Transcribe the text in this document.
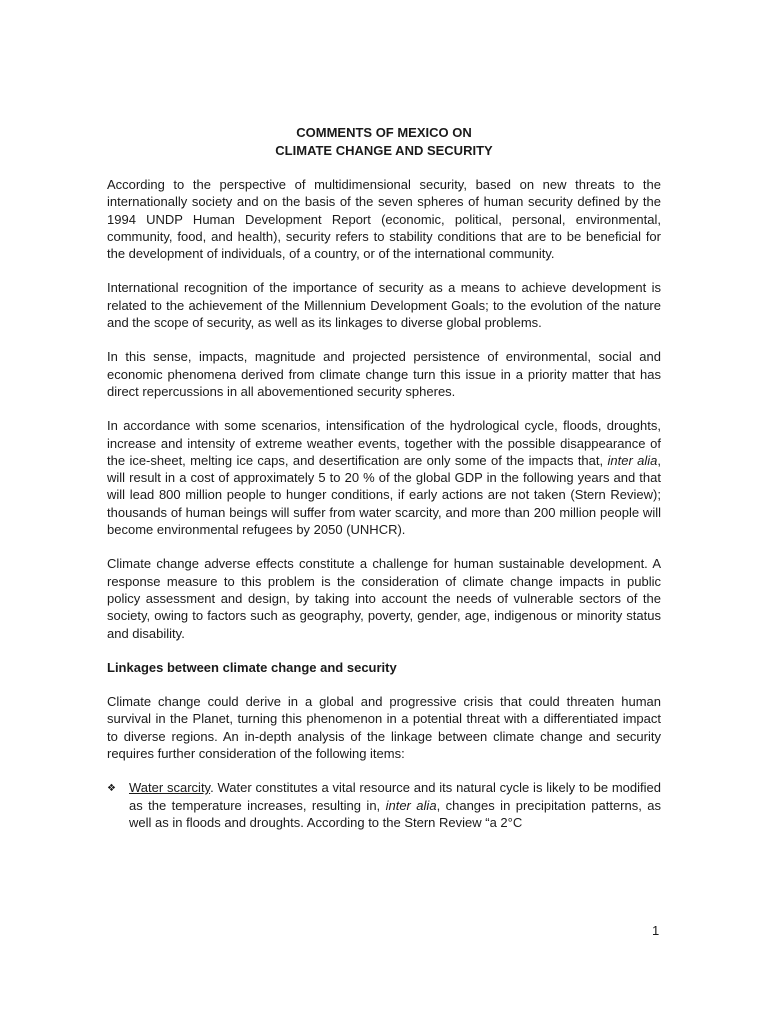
COMMENTS OF MEXICO ON
CLIMATE CHANGE AND SECURITY

According to the perspective of multidimensional security, based on new threats to the internationally society and on the basis of the seven spheres of human security defined by the 1994 UNDP Human Development Report (economic, political, personal, environmental, community, food, and health), security refers to stability conditions that are to be beneficial for the development of individuals, of a country, or of the international community.

International recognition of the importance of security as a means to achieve development is related to the achievement of the Millennium Development Goals; to the evolution of the nature and the scope of security, as well as its linkages to diverse global problems.

In this sense, impacts, magnitude and projected persistence of environmental, social and economic phenomena derived from climate change turn this issue in a priority matter that has direct repercussions in all abovementioned security spheres.

In accordance with some scenarios, intensification of the hydrological cycle, floods, droughts, increase and intensity of extreme weather events, together with the possible disappearance of the ice-sheet, melting ice caps, and desertification are only some of the impacts that, inter alia, will result in a cost of approximately 5 to 20 % of the global GDP in the following years and that will lead 800 million people to hunger conditions, if early actions are not taken (Stern Review); thousands of human beings will suffer from water scarcity, and more than 200 million people will become environmental refugees by 2050 (UNHCR).

Climate change adverse effects constitute a challenge for human sustainable development. A response measure to this problem is the consideration of climate change impacts in public policy assessment and design, by taking into account the needs of vulnerable sectors of the society, owing to factors such as geography, poverty, gender, age, indigenous or minority status and disability.

Linkages between climate change and security

Climate change could derive in a global and progressive crisis that could threaten human survival in the Planet, turning this phenomenon in a potential threat with a differentiated impact to diverse regions. An in-depth analysis of the linkage between climate change and security requires further consideration of the following items:

❖	Water scarcity. Water constitutes a vital resource and its natural cycle is likely to be modified as the temperature increases, resulting in, inter alia, changes in precipitation patterns, as well as in floods and droughts. According to the Stern Review “a 2°C
1
